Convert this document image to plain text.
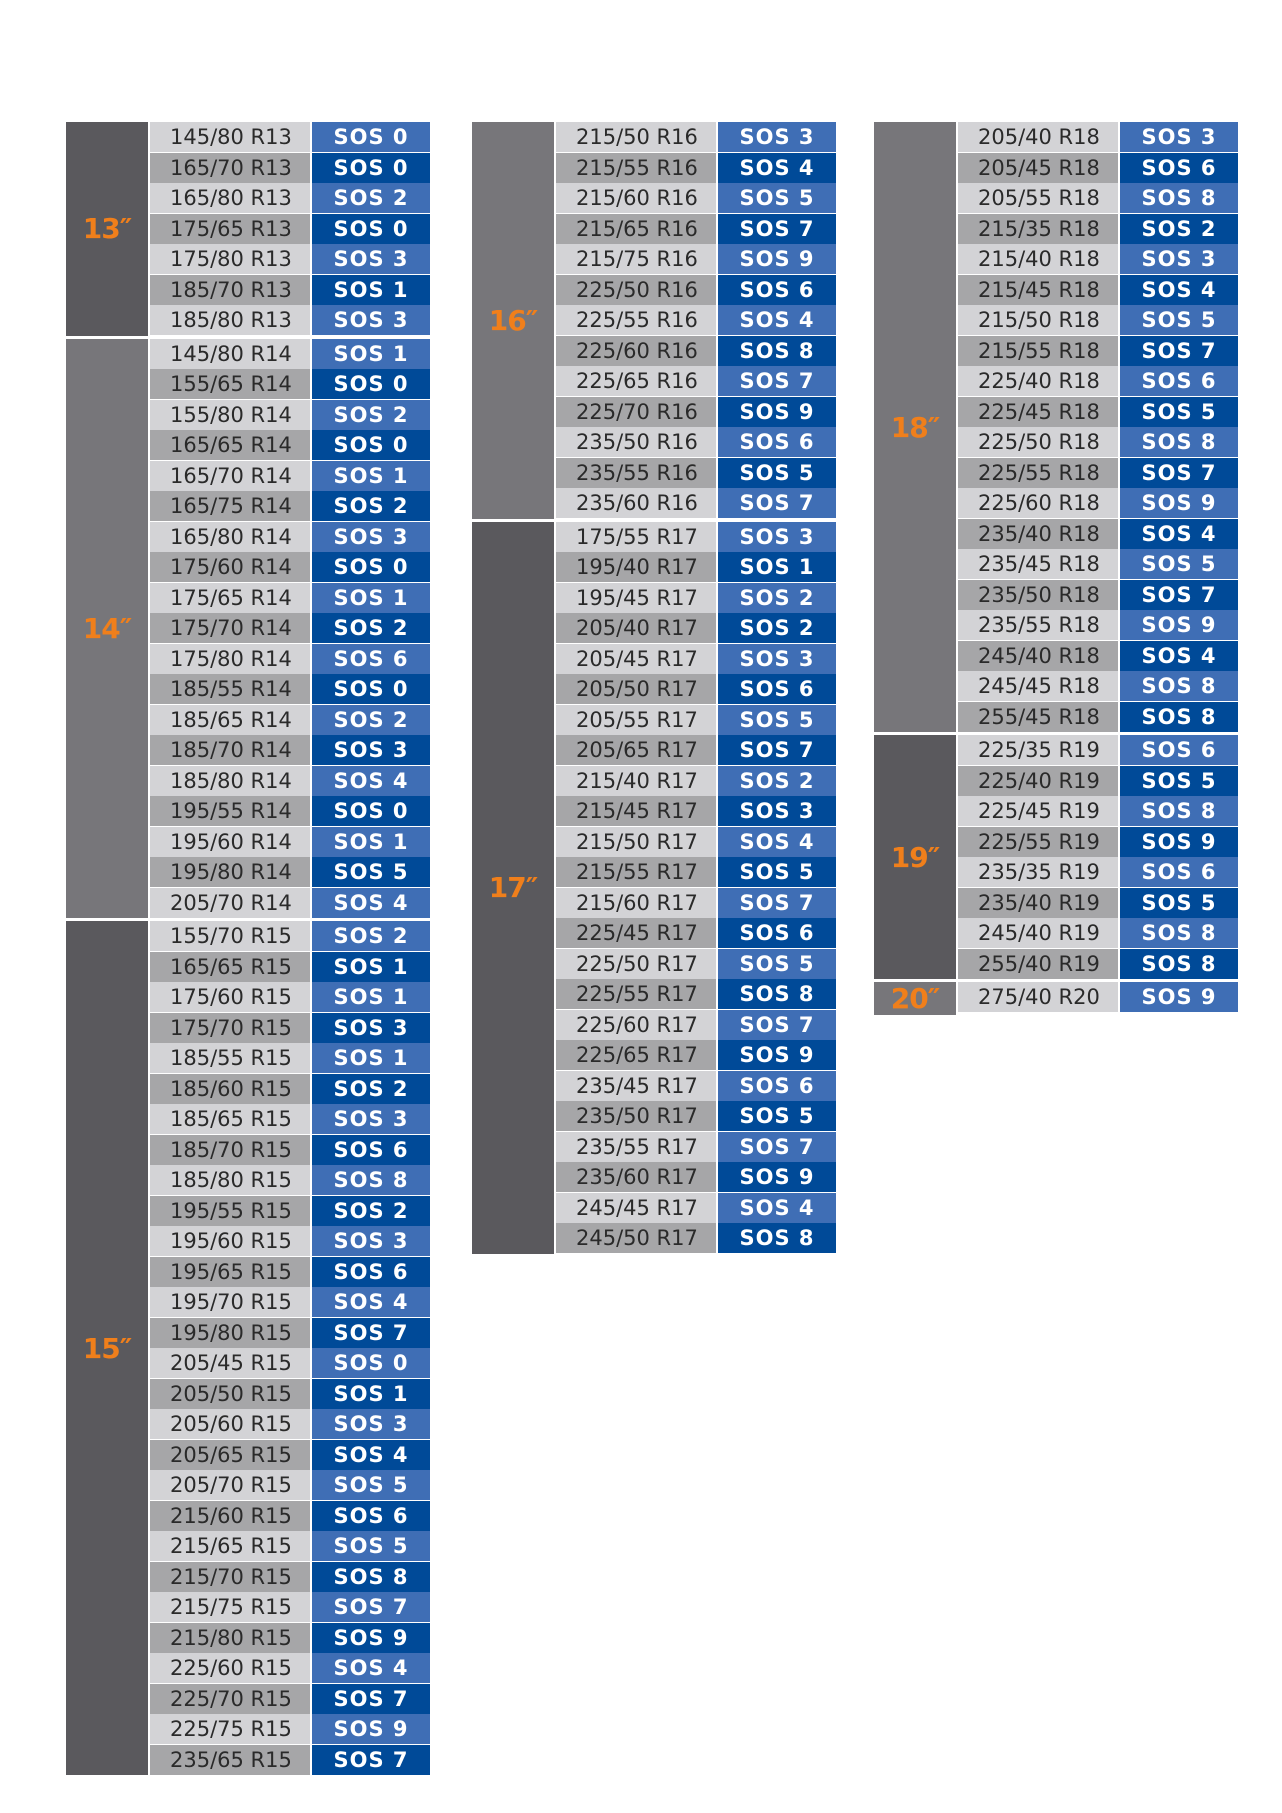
13″
145/80 R13	SOS 0
165/70 R13	SOS 0
165/80 R13	SOS 2
175/65 R13	SOS 0
175/80 R13	SOS 3
185/70 R13	SOS 1
185/80 R13	SOS 3
14″
145/80 R14	SOS 1
155/65 R14	SOS 0
155/80 R14	SOS 2
165/65 R14	SOS 0
165/70 R14	SOS 1
165/75 R14	SOS 2
165/80 R14	SOS 3
175/60 R14	SOS 0
175/65 R14	SOS 1
175/70 R14	SOS 2
175/80 R14	SOS 6
185/55 R14	SOS 0
185/65 R14	SOS 2
185/70 R14	SOS 3
185/80 R14	SOS 4
195/55 R14	SOS 0
195/60 R14	SOS 1
195/80 R14	SOS 5
205/70 R14	SOS 4
15″
155/70 R15	SOS 2
165/65 R15	SOS 1
175/60 R15	SOS 1
175/70 R15	SOS 3
185/55 R15	SOS 1
185/60 R15	SOS 2
185/65 R15	SOS 3
185/70 R15	SOS 6
185/80 R15	SOS 8
195/55 R15	SOS 2
195/60 R15	SOS 3
195/65 R15	SOS 6
195/70 R15	SOS 4
195/80 R15	SOS 7
205/45 R15	SOS 0
205/50 R15	SOS 1
205/60 R15	SOS 3
205/65 R15	SOS 4
205/70 R15	SOS 5
215/60 R15	SOS 6
215/65 R15	SOS 5
215/70 R15	SOS 8
215/75 R15	SOS 7
215/80 R15	SOS 9
225/60 R15	SOS 4
225/70 R15	SOS 7
225/75 R15	SOS 9
235/65 R15	SOS 7
16″
215/50 R16	SOS 3
215/55 R16	SOS 4
215/60 R16	SOS 5
215/65 R16	SOS 7
215/75 R16	SOS 9
225/50 R16	SOS 6
225/55 R16	SOS 4
225/60 R16	SOS 8
225/65 R16	SOS 7
225/70 R16	SOS 9
235/50 R16	SOS 6
235/55 R16	SOS 5
235/60 R16	SOS 7
17″
175/55 R17	SOS 3
195/40 R17	SOS 1
195/45 R17	SOS 2
205/40 R17	SOS 2
205/45 R17	SOS 3
205/50 R17	SOS 6
205/55 R17	SOS 5
205/65 R17	SOS 7
215/40 R17	SOS 2
215/45 R17	SOS 3
215/50 R17	SOS 4
215/55 R17	SOS 5
215/60 R17	SOS 7
225/45 R17	SOS 6
225/50 R17	SOS 5
225/55 R17	SOS 8
225/60 R17	SOS 7
225/65 R17	SOS 9
235/45 R17	SOS 6
235/50 R17	SOS 5
235/55 R17	SOS 7
235/60 R17	SOS 9
245/45 R17	SOS 4
245/50 R17	SOS 8
18″
205/40 R18	SOS 3
205/45 R18	SOS 6
205/55 R18	SOS 8
215/35 R18	SOS 2
215/40 R18	SOS 3
215/45 R18	SOS 4
215/50 R18	SOS 5
215/55 R18	SOS 7
225/40 R18	SOS 6
225/45 R18	SOS 5
225/50 R18	SOS 8
225/55 R18	SOS 7
225/60 R18	SOS 9
235/40 R18	SOS 4
235/45 R18	SOS 5
235/50 R18	SOS 7
235/55 R18	SOS 9
245/40 R18	SOS 4
245/45 R18	SOS 8
255/45 R18	SOS 8
19″
225/35 R19	SOS 6
225/40 R19	SOS 5
225/45 R19	SOS 8
225/55 R19	SOS 9
235/35 R19	SOS 6
235/40 R19	SOS 5
245/40 R19	SOS 8
255/40 R19	SOS 8
20″	275/40 R20	SOS 9
